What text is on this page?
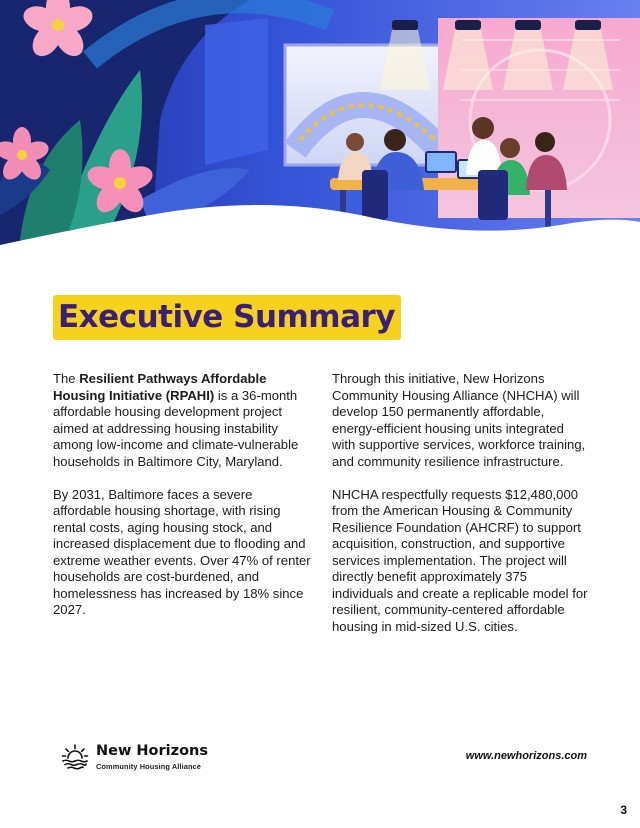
Executive Summary

The Resilient Pathways Affordable Housing Initiative (RPAHI) is a 36-month affordable housing development project aimed at addressing housing instability among low-income and climate-vulnerable households in Baltimore City, Maryland.

By 2031, Baltimore faces a severe affordable housing shortage, with rising rental costs, aging housing stock, and increased displacement due to flooding and extreme weather events. Over 47% of renter households are cost-burdened, and homelessness has increased by 18% since 2027.

Through this initiative, New Horizons Community Housing Alliance (NHCHA) will develop 150 permanently affordable, energy-efficient housing units integrated with supportive services, workforce training, and community resilience infrastructure.

NHCHA respectfully requests $12,480,000 from the American Housing & Community Resilience Foundation (AHCRF) to support acquisition, construction, and supportive services implementation. The project will directly benefit approximately 375 individuals and create a replicable model for resilient, community-centered affordable housing in mid-sized U.S. cities.

New Horizons
Community Housing Alliance
www.newhorizons.com
3
